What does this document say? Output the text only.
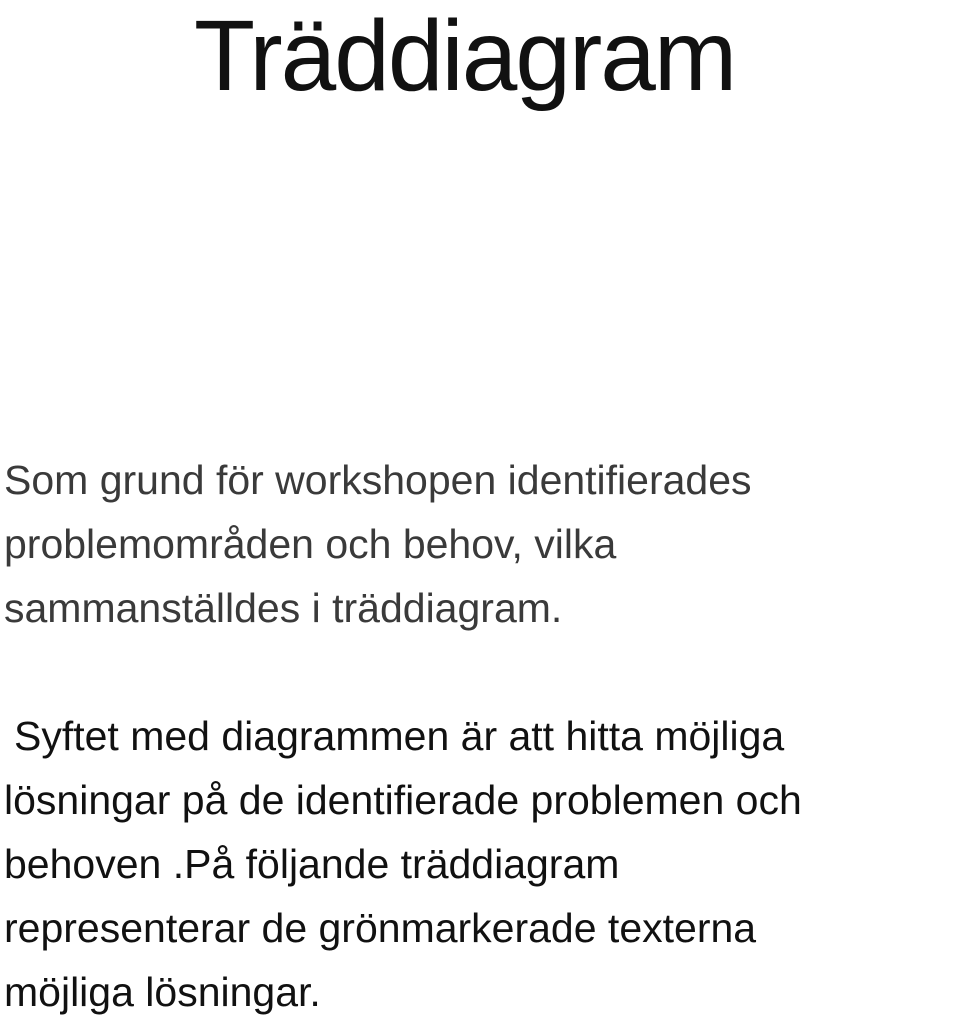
Träddiagram

Som grund för workshopen identifierades
problemområden och behov, vilka
sammanställdes i träddiagram.

Syftet med diagrammen är att hitta möjliga
lösningar på de identifierade problemen och
behoven .På följande träddiagram
representerar de grönmarkerade texterna
möjliga lösningar.
